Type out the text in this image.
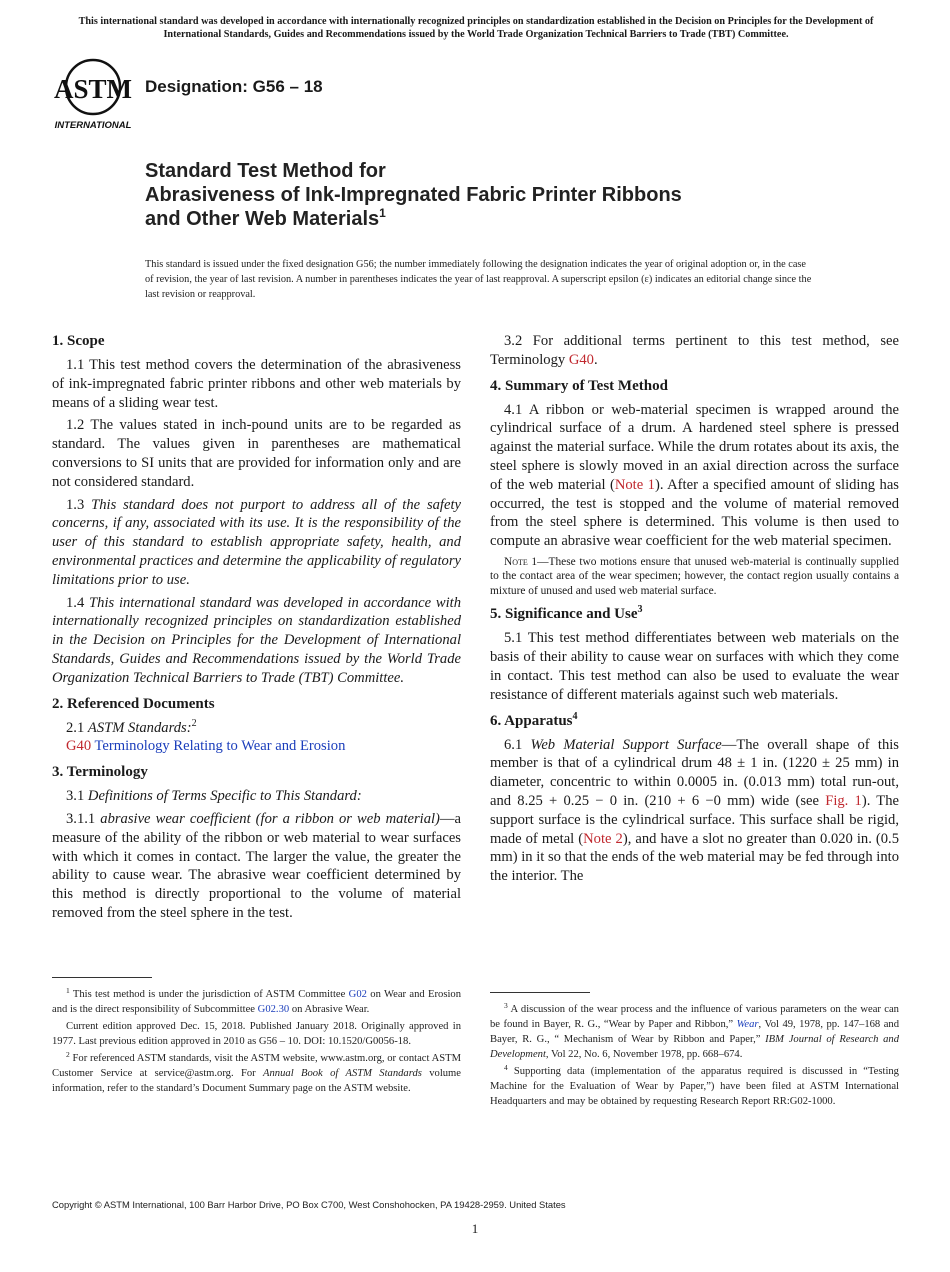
This international standard was developed in accordance with internationally recognized principles on standardization established in the Decision on Principles for the Development of International Standards, Guides and Recommendations issued by the World Trade Organization Technical Barriers to Trade (TBT) Committee.
ASTM
INTERNATIONAL
Designation: G56 – 18
Standard Test Method for
Abrasiveness of Ink-Impregnated Fabric Printer Ribbons
and Other Web Materials$^1$
This standard is issued under the fixed designation G56; the number immediately following the designation indicates the year of original adoption or, in the case of revision, the year of last revision. A number in parentheses indicates the year of last reapproval. A superscript epsilon (ε) indicates an editorial change since the last revision or reapproval.
1. Scope

1.1 This test method covers the determination of the abrasiveness of ink-impregnated fabric printer ribbons and other web materials by means of a sliding wear test.

1.2 The values stated in inch-pound units are to be regarded as standard. The values given in parentheses are mathematical conversions to SI units that are provided for information only and are not considered standard.

1.3 This standard does not purport to address all of the safety concerns, if any, associated with its use. It is the responsibility of the user of this standard to establish appropriate safety, health, and environmental practices and determine the applicability of regulatory limitations prior to use.

1.4 This international standard was developed in accordance with internationally recognized principles on standardization established in the Decision on Principles for the Development of International Standards, Guides and Recommendations issued by the World Trade Organization Technical Barriers to Trade (TBT) Committee.

2. Referenced Documents

2.1 ASTM Standards:$^2$

G40 Terminology Relating to Wear and Erosion

3. Terminology

3.1 Definitions of Terms Specific to This Standard:

3.1.1 abrasive wear coefficient (for a ribbon or web material)—a measure of the ability of the ribbon or web material to wear surfaces with which it comes in contact. The larger the value, the greater the ability to cause wear. The abrasive wear coefficient determined by this method is directly proportional to the volume of material removed from the steel sphere in the test.

3.2 For additional terms pertinent to this test method, see Terminology G40.

4. Summary of Test Method

4.1 A ribbon or web-material specimen is wrapped around the cylindrical surface of a drum. A hardened steel sphere is pressed against the material surface. While the drum rotates about its axis, the steel sphere is slowly moved in an axial direction across the surface of the web material (Note 1). After a specified amount of sliding has occurred, the test is stopped and the volume of material removed from the steel sphere is determined. This volume is then used to compute an abrasive wear coefficient for the web material specimen.

Note 1—These two motions ensure that unused web-material is continually supplied to the contact area of the wear specimen; however, the contact region usually contains a mixture of unused and used web material surface.

5. Significance and Use$^3$

5.1 This test method differentiates between web materials on the basis of their ability to cause wear on surfaces with which they come in contact. This test method can also be used to evaluate the wear resistance of different materials against such web materials.

6. Apparatus$^4$

6.1 Web Material Support Surface—The overall shape of this member is that of a cylindrical drum 48 ± 1 in. (1220 ± 25 mm) in diameter, concentric to within 0.0005 in. (0.013 mm) total run-out, and 8.25 + 0.25 − 0 in. (210 + 6 −0 mm) wide (see Fig. 1). The support surface is the cylindrical surface. This surface shall be rigid, made of metal (Note 2), and have a slot no greater than 0.020 in. (0.5 mm) in it so that the ends of the web material may be fed through into the interior. The

$^1$ This test method is under the jurisdiction of ASTM Committee G02 on Wear and Erosion and is the direct responsibility of Subcommittee G02.30 on Abrasive Wear.

Current edition approved Dec. 15, 2018. Published January 2018. Originally approved in 1977. Last previous edition approved in 2010 as G56 – 10. DOI: 10.1520/G0056-18.

$^2$ For referenced ASTM standards, visit the ASTM website, www.astm.org, or contact ASTM Customer Service at service@astm.org. For Annual Book of ASTM Standards volume information, refer to the standard’s Document Summary page on the ASTM website.

$^3$ A discussion of the wear process and the influence of various parameters on the wear can be found in Bayer, R. G., “Wear by Paper and Ribbon,” Wear, Vol 49, 1978, pp. 147–168 and Bayer, R. G., “ Mechanism of Wear by Ribbon and Paper,” IBM Journal of Research and Development, Vol 22, No. 6, November 1978, pp. 668–674.

$^4$ Supporting data (implementation of the apparatus required is discussed in “Testing Machine for the Evaluation of Wear by Paper,”) have been filed at ASTM International Headquarters and may be obtained by requesting Research Report RR:G02-1000.

Copyright © ASTM International, 100 Barr Harbor Drive, PO Box C700, West Conshohocken, PA 19428-2959. United States
1
